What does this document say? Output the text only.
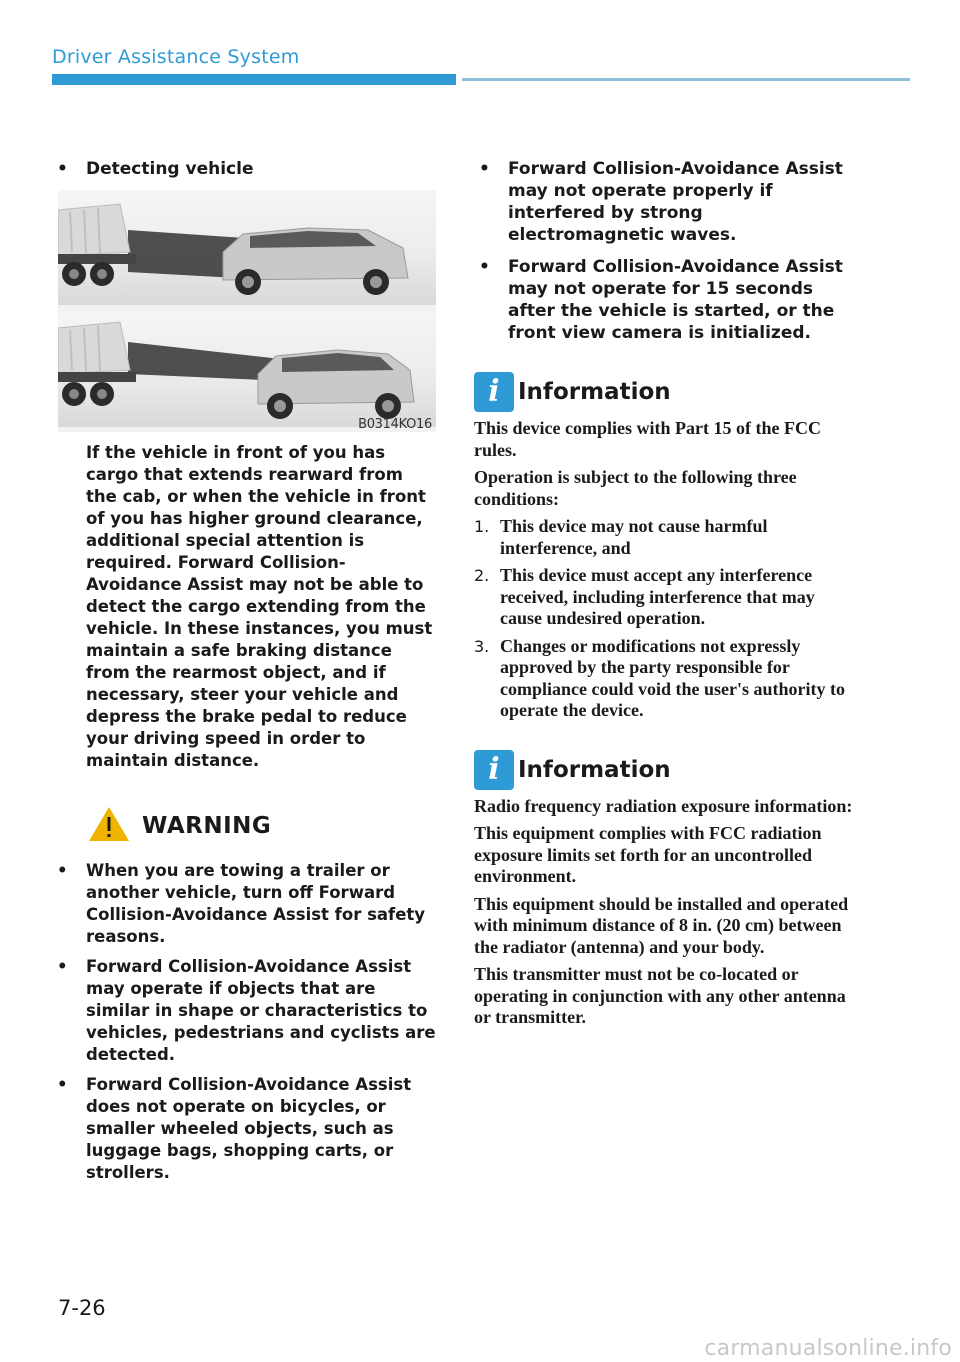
Driver Assistance System
• Detecting vehicle
B0314KO16

If the vehicle in front of you has cargo that extends rearward from the cab, or when the vehicle in front of you has higher ground clearance, additional special attention is required. Forward Collision-Avoidance Assist may not be able to detect the cargo extending from the vehicle. In these instances, you must maintain a safe braking distance from the rearmost object, and if necessary, steer your vehicle and depress the brake pedal to reduce your driving speed in order to maintain distance.

WARNING
• When you are towing a trailer or another vehicle, turn off Forward Collision-Avoidance Assist for safety reasons.
• Forward Collision-Avoidance Assist may operate if objects that are similar in shape or characteristics to vehicles, pedestrians and cyclists are detected.
• Forward Collision-Avoidance Assist does not operate on bicycles, or smaller wheeled objects, such as luggage bags, shopping carts, or strollers.
• Forward Collision-Avoidance Assist may not operate properly if interfered by strong electromagnetic waves.
• Forward Collision-Avoidance Assist may not operate for 15 seconds after the vehicle is started, or the front view camera is initialized.
i Information

This device complies with Part 15 of the FCC rules.

Operation is subject to the following three conditions:

1. This device may not cause harmful interference, and
2. This device must accept any interference received, including interference that may cause undesired operation.
3. Changes or modifications not expressly approved by the party responsible for compliance could void the user's authority to operate the device.
i Information

Radio frequency radiation exposure information:

This equipment complies with FCC radiation exposure limits set forth for an uncontrolled environment.

This equipment should be installed and operated with minimum distance of 8 in. (20 cm) between the radiator (antenna) and your body.

This transmitter must not be co-located or operating in conjunction with any other antenna or transmitter.

7-26
carmanualsonline.info
